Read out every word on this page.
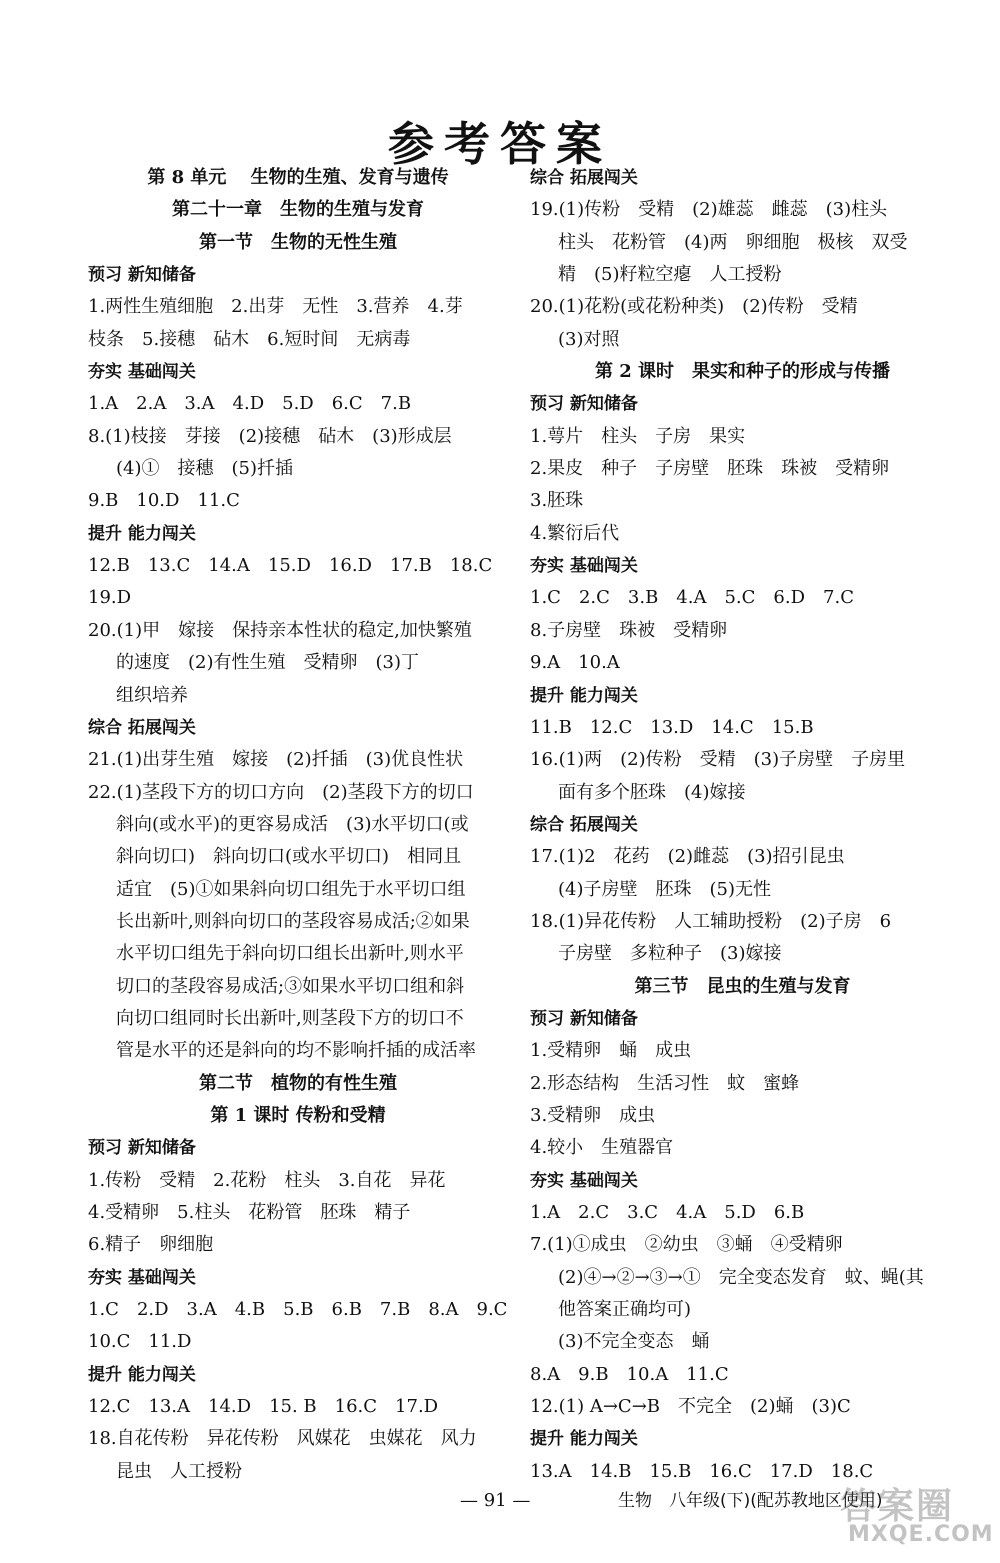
参考答案
第 8 单元　 生物的生殖、发育与遗传
第二十一章　生物的生殖与发育
第一节　生物的无性生殖
预习 新知储备
1.两性生殖细胞　2.出芽　无性　3.营养　4.芽
枝条　5.接穗　砧木　6.短时间　无病毒
夯实 基础闯关
1.A　2.A　3.A　4.D　5.D　6.C　7.B
8.(1)枝接　芽接　(2)接穗　砧木　(3)形成层
(4)①　接穗　(5)扦插
9.B　10.D　11.C
提升 能力闯关
12.B　13.C　14.A　15.D　16.D　17.B　18.C
19.D
20.(1)甲　嫁接　保持亲本性状的稳定,加快繁殖
的速度　(2)有性生殖　受精卵　(3)丁
组织培养
综合 拓展闯关
21.(1)出芽生殖　嫁接　(2)扦插　(3)优良性状
22.(1)茎段下方的切口方向　(2)茎段下方的切口
斜向(或水平)的更容易成活　(3)水平切口(或
斜向切口)　斜向切口(或水平切口)　相同且
适宜　(5)①如果斜向切口组先于水平切口组
长出新叶,则斜向切口的茎段容易成活;②如果
水平切口组先于斜向切口组长出新叶,则水平
切口的茎段容易成活;③如果水平切口组和斜
向切口组同时长出新叶,则茎段下方的切口不
管是水平的还是斜向的均不影响扦插的成活率
第二节　植物的有性生殖
第 1 课时 传粉和受精
预习 新知储备
1.传粉　受精　2.花粉　柱头　3.自花　异花
4.受精卵　5.柱头　花粉管　胚珠　精子
6.精子　卵细胞
夯实 基础闯关
1.C　2.D　3.A　4.B　5.B　6.B　7.B　8.A　9.C
10.C　11.D
提升 能力闯关
12.C　13.A　14.D　15. B　16.C　17.D
18.自花传粉　异花传粉　风媒花　虫媒花　风力
昆虫　人工授粉
综合 拓展闯关
19.(1)传粉　受精　(2)雄蕊　雌蕊　(3)柱头
柱头　花粉管　(4)两　卵细胞　极核　双受
精　(5)籽粒空瘪　人工授粉
20.(1)花粉(或花粉种类)　(2)传粉　受精
(3)对照
第 2 课时　果实和种子的形成与传播
预习 新知储备
1.萼片　柱头　子房　果实
2.果皮　种子　子房壁　胚珠　珠被　受精卵
3.胚珠
4.繁衍后代
夯实 基础闯关
1.C　2.C　3.B　4.A　5.C　6.D　7.C
8.子房壁　珠被　受精卵
9.A　10.A
提升 能力闯关
11.B　12.C　13.D　14.C　15.B
16.(1)两　(2)传粉　受精　(3)子房壁　子房里
面有多个胚珠　(4)嫁接
综合 拓展闯关
17.(1)2　花药　(2)雌蕊　(3)招引昆虫
(4)子房壁　胚珠　(5)无性
18.(1)异花传粉　人工辅助授粉　(2)子房　6
子房壁　多粒种子　(3)嫁接
第三节　昆虫的生殖与发育
预习 新知储备
1.受精卵　蛹　成虫
2.形态结构　生活习性　蚊　蜜蜂
3.受精卵　成虫
4.较小　生殖器官
夯实 基础闯关
1.A　2.C　3.C　4.A　5.D　6.B
7.(1)①成虫　②幼虫　③蛹　④受精卵
(2)④→②→③→①　完全变态发育　蚊、蝇(其
他答案正确均可)
(3)不完全变态　蛹
8.A　9.B　10.A　11.C
12.(1) A→C→B　不完全　(2)蛹　(3)C
提升 能力闯关
13.A　14.B　15.B　16.C　17.D　18.C
— 91 —	生物　八年级(下)(配苏教地区使用)
答案圈
MXQE.COM
